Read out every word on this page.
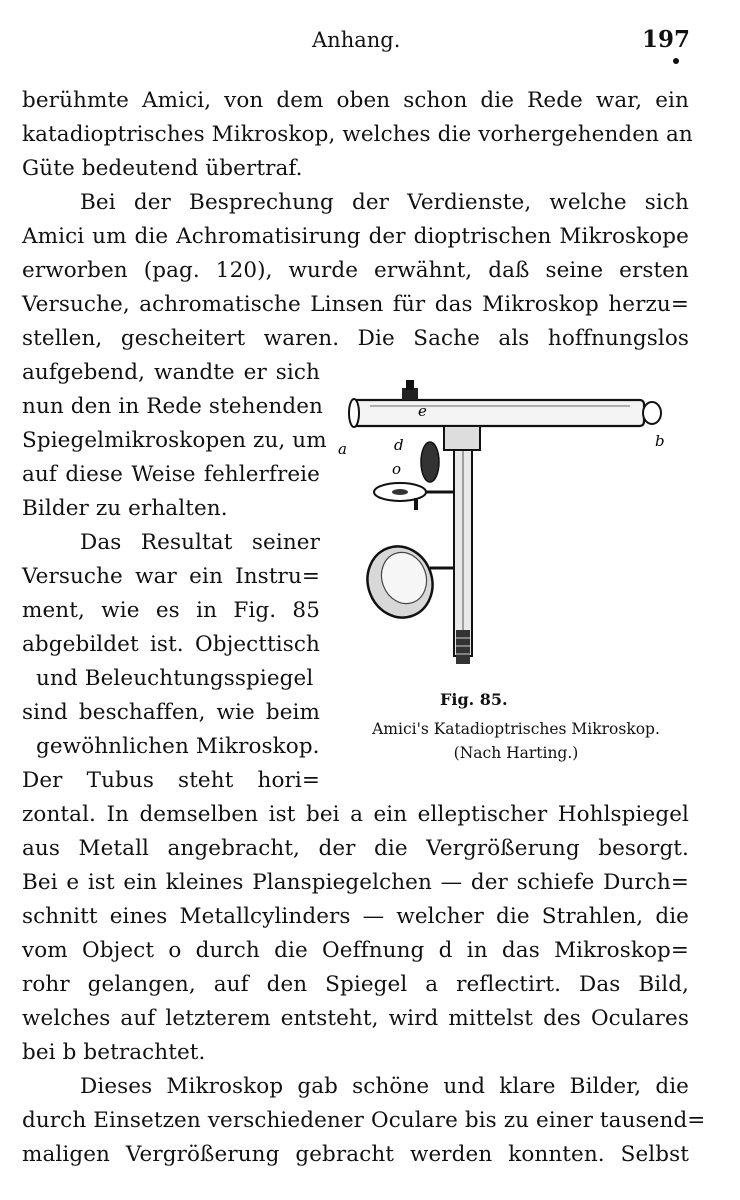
Anhang.	197
berühmte Amici, von dem oben schon die Rede war, ein
katadioptrisches Mikroskop, welches die vorhergehenden an
Güte bedeutend übertraf.
Bei der Besprechung der Verdienste, welche sich
Amici um die Achromatisirung der dioptrischen Mikroskope
erworben (pag. 120), wurde erwähnt, daß seine ersten
Versuche, achromatische Linsen für das Mikroskop herzu=
stellen, gescheitert waren. Die Sache als hoffnungslos
aufgebend, wandte er sich
nun den in Rede stehenden
Spiegelmikroskopen zu, um
auf diese Weise fehlerfreie
Bilder zu erhalten.
Das Resultat seiner
Versuche war ein Instru=
ment, wie es in Fig. 85
abgebildet ist. Objecttisch
und Beleuchtungsspiegel
sind beschaffen, wie beim
gewöhnlichen Mikroskop.
Der Tubus steht hori=
zontal. In demselben ist bei a ein elleptischer Hohlspiegel
aus Metall angebracht, der die Vergrößerung besorgt.
Bei e ist ein kleines Planspiegelchen — der schiefe Durch=
schnitt eines Metallcylinders — welcher die Strahlen, die
vom Object o durch die Oeffnung d in das Mikroskop=
rohr gelangen, auf den Spiegel a reflectirt. Das Bild,
welches auf letzterem entsteht, wird mittelst des Oculares
bei b betrachtet.
Dieses Mikroskop gab schöne und klare Bilder, die
durch Einsetzen verschiedener Oculare bis zu einer tausend=
maligen Vergrößerung gebracht werden konnten. Selbst
a	b
d
e
o
Fig. 85.
Amici's Katadioptrisches Mikroskop.
(Nach Harting.)
